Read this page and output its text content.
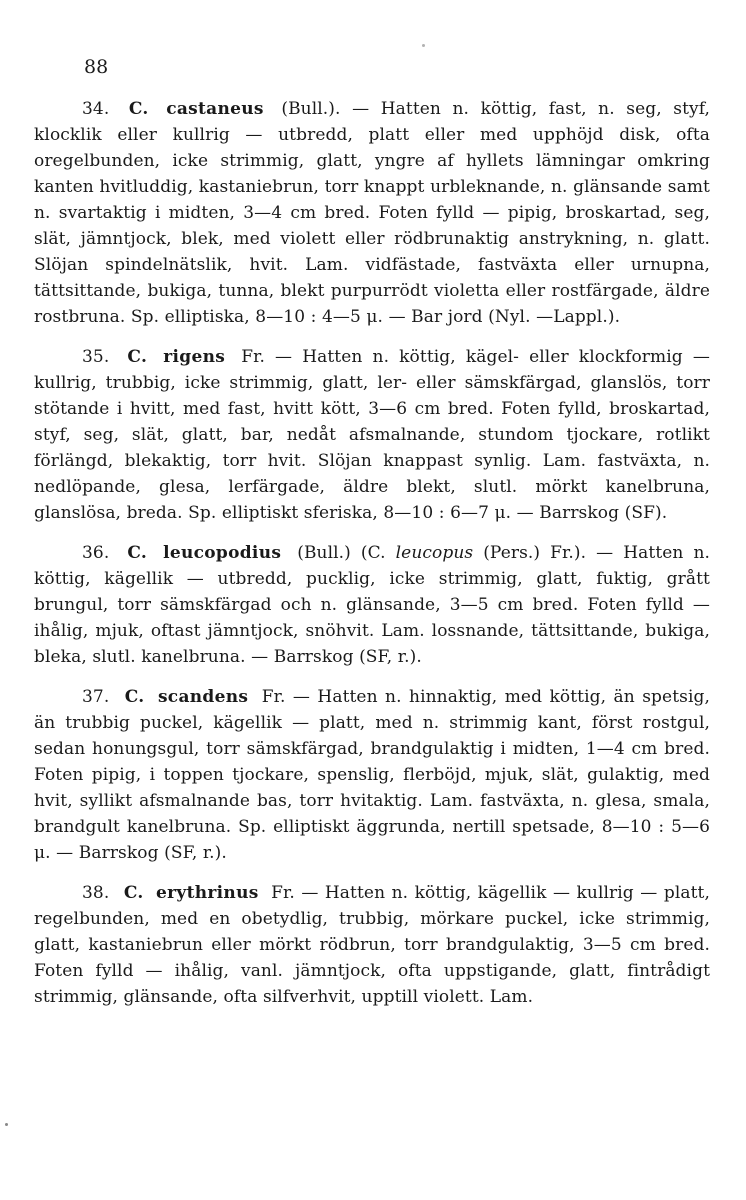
88

34. C. castaneus (Bull.). — Hatten n. köttig, fast, n. seg, styf, klocklik eller kullrig — utbredd, platt eller med upphöjd disk, ofta oregelbunden, icke strimmig, glatt, yngre af hyllets lämningar omkring kanten hvitluddig, kastaniebrun, torr knappt urbleknande, n. glänsande samt n. svartaktig i midten, 3—4 cm bred. Foten fylld — pipig, broskartad, seg, slät, jämntjock, blek, med violett eller rödbrunaktig anstrykning, n. glatt. Slöjan spindelnätslik, hvit. Lam. vidfästade, fastväxta eller urnupna, tättsittande, bukiga, tunna, blekt purpurrödt violetta eller rostfärgade, äldre rostbruna. Sp. elliptiska, 8—10 : 4—5 μ. — Bar jord (Nyl. —Lappl.).

35. C. rigens Fr. — Hatten n. köttig, kägel- eller klockformig — kullrig, trubbig, icke strimmig, glatt, ler- eller sämskfärgad, glanslös, torr stötande i hvitt, med fast, hvitt kött, 3—6 cm bred. Foten fylld, broskartad, styf, seg, slät, glatt, bar, nedåt afsmalnande, stundom tjockare, rotlikt förlängd, blekaktig, torr hvit. Slöjan knappast synlig. Lam. fastväxta, n. nedlöpande, glesa, lerfärgade, äldre blekt, slutl. mörkt kanelbruna, glanslösa, breda. Sp. elliptiskt sferiska, 8—10 : 6—7 μ. — Barrskog (SF).

36. C. leucopodius (Bull.) (C. leucopus (Pers.) Fr.). — Hatten n. köttig, kägellik — utbredd, pucklig, icke strimmig, glatt, fuktig, grått brungul, torr sämskfärgad och n. glänsande, 3—5 cm bred. Foten fylld — ihålig, mjuk, oftast jämntjock, snöhvit. Lam. lossnande, tättsittande, bukiga, bleka, slutl. kanelbruna. — Barrskog (SF, r.).

37. C. scandens Fr. — Hatten n. hinnaktig, med köttig, än spetsig, än trubbig puckel, kägellik — platt, med n. strimmig kant, först rostgul, sedan honungsgul, torr sämskfärgad, brandgulaktig i midten, 1—4 cm bred. Foten pipig, i toppen tjockare, spenslig, flerböjd, mjuk, slät, gulaktig, med hvit, syllikt afsmalnande bas, torr hvitaktig. Lam. fastväxta, n. glesa, smala, brandgult kanelbruna. Sp. elliptiskt äggrunda, nertill spetsade, 8—10 : 5—6 μ. — Barrskog (SF, r.).

38. C. erythrinus Fr. — Hatten n. köttig, kägellik — kullrig — platt, regelbunden, med en obetydlig, trubbig, mörkare puckel, icke strimmig, glatt, kastaniebrun eller mörkt rödbrun, torr brandgulaktig, 3—5 cm bred. Foten fylld — ihålig, vanl. jämntjock, ofta uppstigande, glatt, fintrådigt strimmig, glänsande, ofta silfverhvit, upptill violett. Lam.
